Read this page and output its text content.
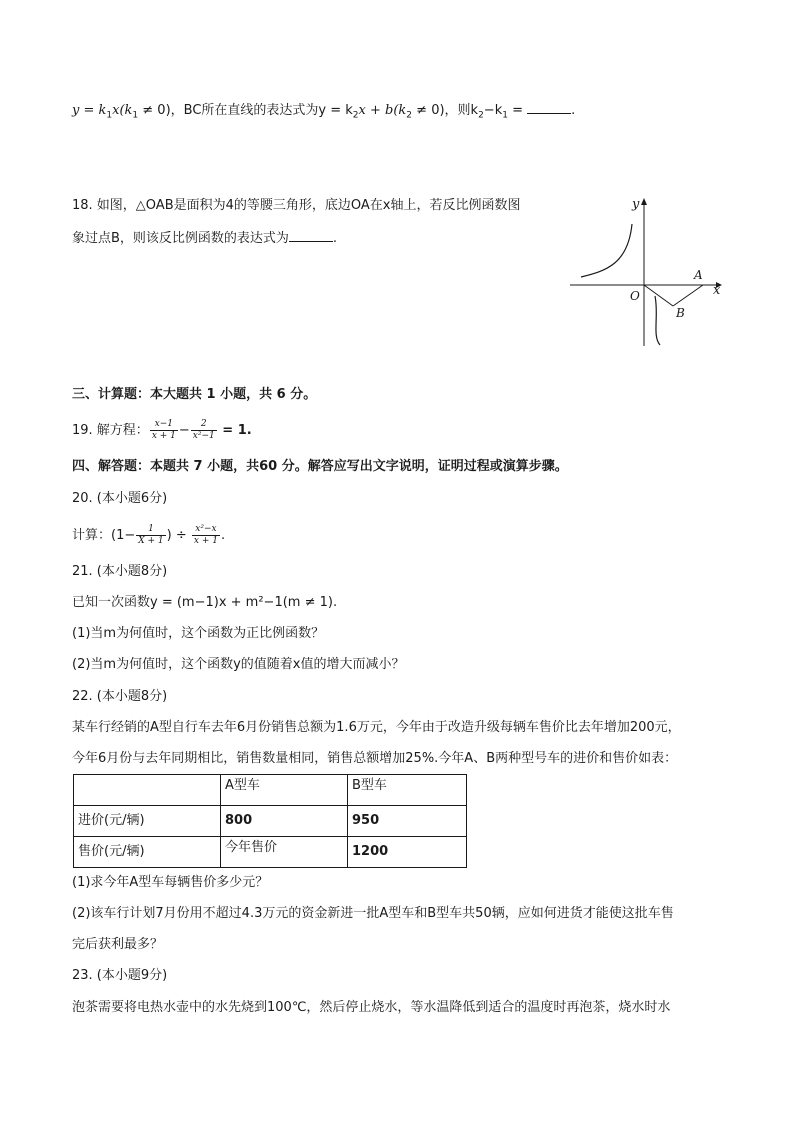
$y = k_1x(k_1 \ne 0)$，BC所在直线的表达式为$y = k_2x + b(k_2 \ne 0)$，则$k_2-k_1$ =	.
18. 如图，△OAB是面积为4的等腰三角形，底边OA在x轴上，若反比例函数图
象过点B，则该反比例函数的表达式为	.
y
x
O
A
B
三、计算题：本大题共 1 小题，共 6 分。
19. 解方程： $\frac{x-1}{x + 1} - \frac{2}{\text{x²−1}} = 1$.
四、解答题：本题共 7 小题，共60 分。解答应写出文字说明，证明过程或演算步骤。
20. (本小题6分)
计算：($1- \frac{1}{X + 1}$ ) ÷ $\frac{\text{x²−x}}{x + 1}$ .
21. (本小题8分)
已知一次函数y = (m−1)x + m²−1(m ≠ 1).
(1)当m为何值时，这个函数为正比例函数？
(2)当m为何值时，这个函数y的值随着x值的增大而减小？
22. (本小题8分)
某车行经销的A型自行车去年6月份销售总额为1.6万元，今年由于改造升级每辆车售价比去年增加200元，
今年6月份与去年同期相比，销售数量相同，销售总额增加25%.今年A、B两种型号车的进价和售价如表：
	A型车	B型车
进价(元/辆)	800	950
售价(元/辆)	今年售价	1200
(1)求今年A型车每辆售价多少元？
(2)该车行计划7月份用不超过4.3万元的资金新进一批A型车和B型车共50辆，应如何进货才能使这批车售
完后获利最多？
23. (本小题9分)
泡茶需要将电热水壶中的水先烧到100℃，然后停止烧水，等水温降低到适合的温度时再泡茶，烧水时水
